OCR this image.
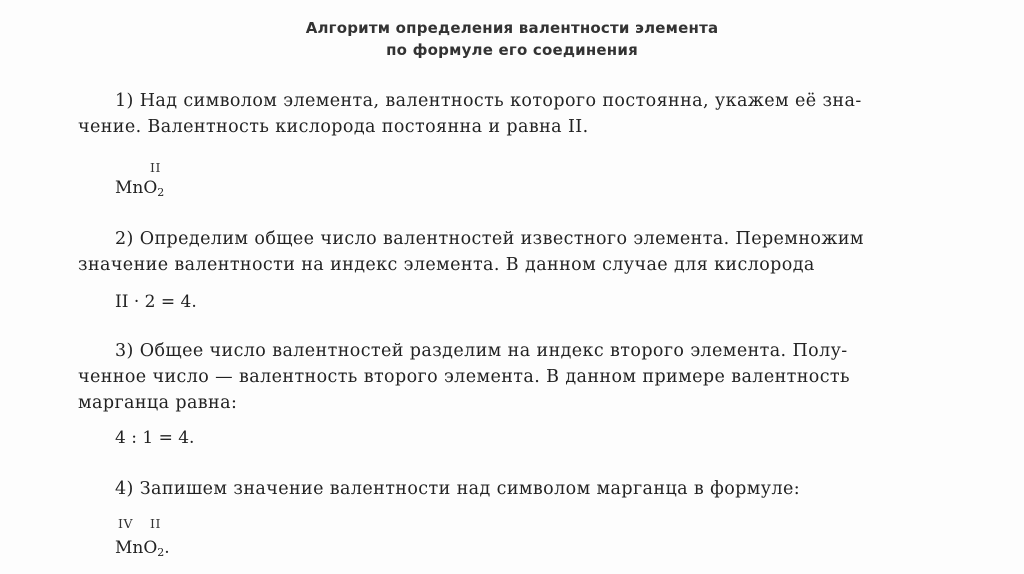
Алгоритм определения валентности элемента
по формуле его соединения
1) Над символом элемента, валентность которого постоянна, укажем её зна-
чение. Валентность кислорода постоянна и равна II.
II
MnO$_2$
2) Определим общее число валентностей известного элемента. Перемножим
значение валентности на индекс элемента. В данном случае для кислорода
II · 2 = 4.
3) Общее число валентностей разделим на индекс второго элемента. Полу-
ченное число — валентность второго элемента. В данном примере валентность
марганца равна:
4 : 1 = 4.
4) Запишем значение валентности над символом марганца в формуле:
IV II
MnO$_2$.
